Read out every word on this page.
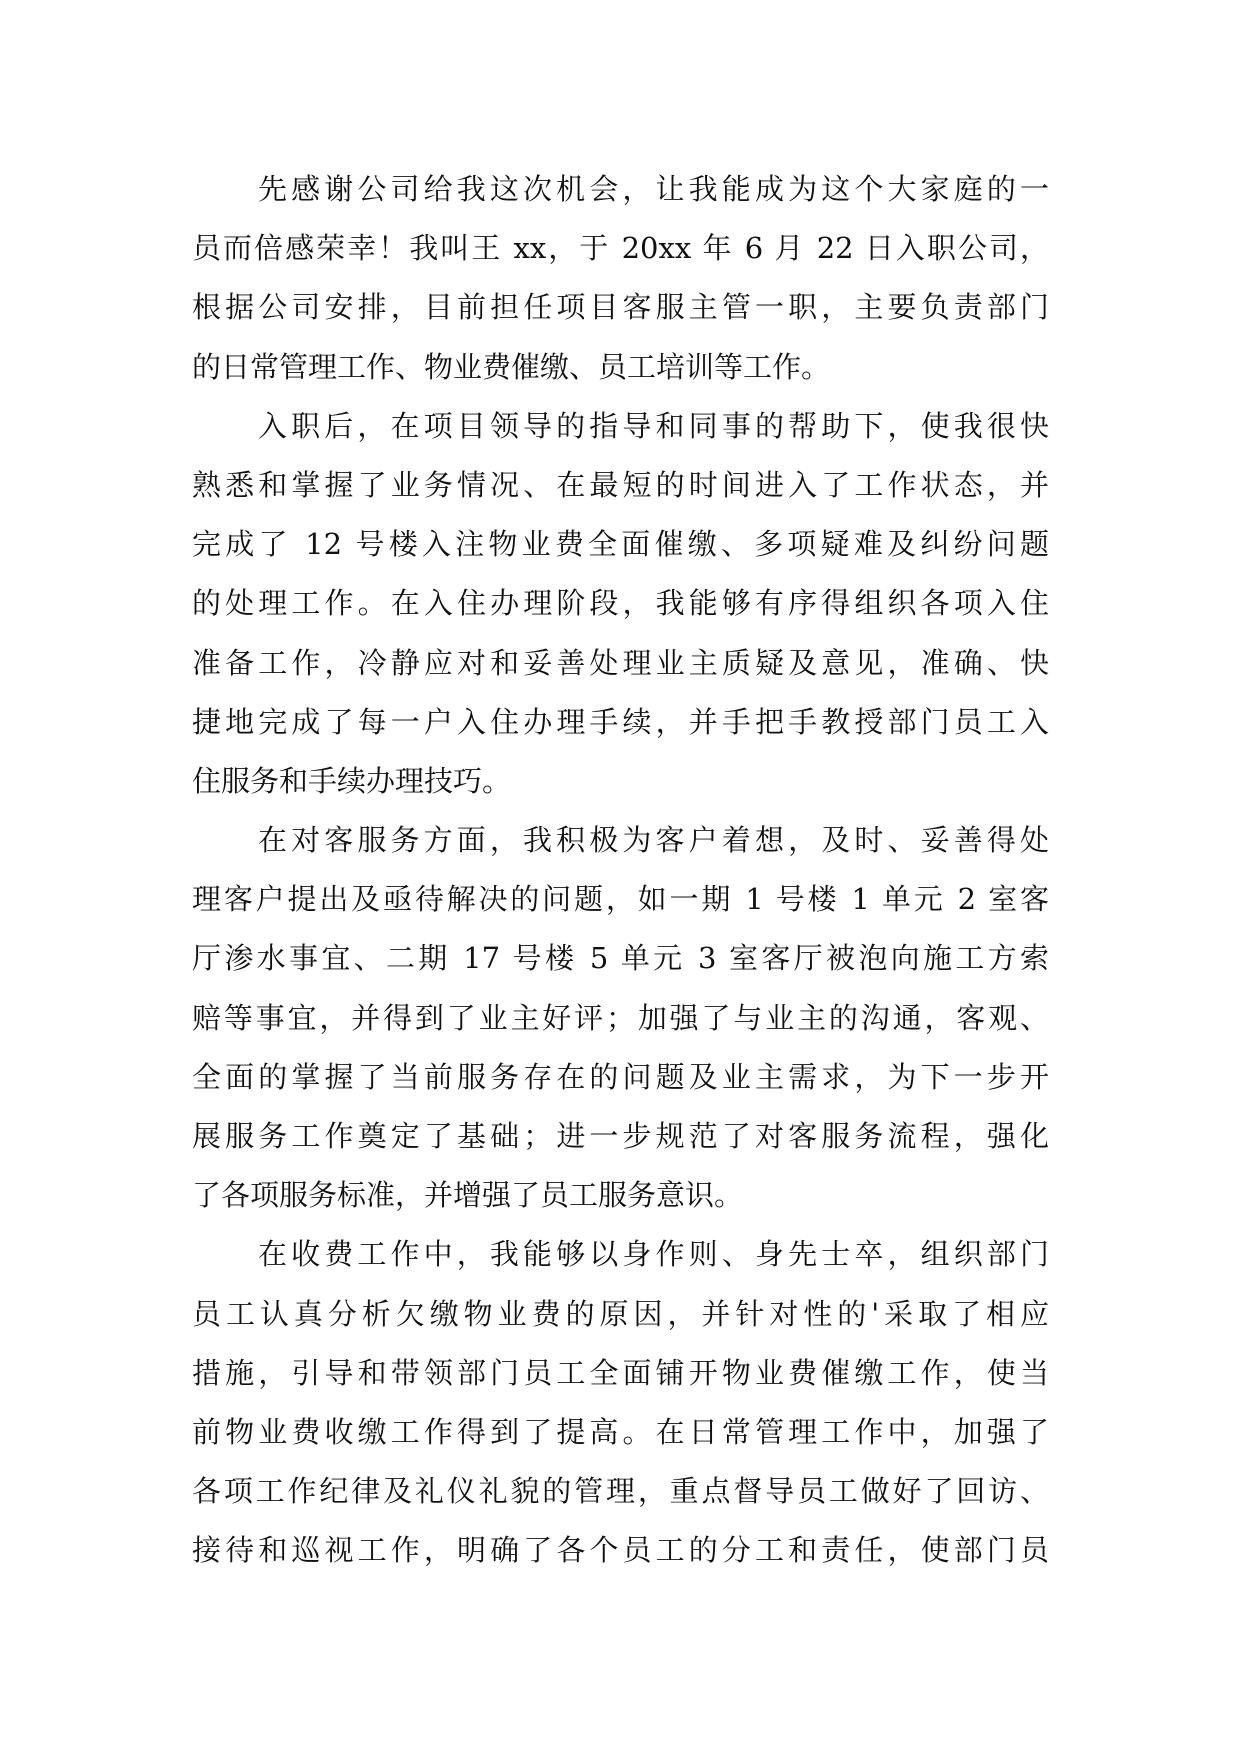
先感谢公司给我这次机会，让我能成为这个大家庭的一
员而倍感荣幸！我叫王 xx，于 20xx 年 6 月 22 日入职公司，
根据公司安排，目前担任项目客服主管一职，主要负责部门
的日常管理工作、物业费催缴、员工培训等工作。
入职后，在项目领导的指导和同事的帮助下，使我很快
熟悉和掌握了业务情况、在最短的时间进入了工作状态，并
完成了 12 号楼入注物业费全面催缴、多项疑难及纠纷问题
的处理工作。在入住办理阶段，我能够有序得组织各项入住
准备工作，冷静应对和妥善处理业主质疑及意见，准确、快
捷地完成了每一户入住办理手续，并手把手教授部门员工入
住服务和手续办理技巧。
在对客服务方面，我积极为客户着想，及时、妥善得处
理客户提出及亟待解决的问题，如一期 1 号楼 1 单元 2 室客
厅渗水事宜、二期 17 号楼 5 单元 3 室客厅被泡向施工方索
赔等事宜，并得到了业主好评；加强了与业主的沟通，客观、
全面的掌握了当前服务存在的问题及业主需求，为下一步开
展服务工作奠定了基础；进一步规范了对客服务流程，强化
了各项服务标准，并增强了员工服务意识。
在收费工作中，我能够以身作则、身先士卒，组织部门
员工认真分析欠缴物业费的原因，并针对性的'采取了相应
措施，引导和带领部门员工全面铺开物业费催缴工作，使当
前物业费收缴工作得到了提高。在日常管理工作中，加强了
各项工作纪律及礼仪礼貌的管理，重点督导员工做好了回访、
接待和巡视工作，明确了各个员工的分工和责任，使部门员
